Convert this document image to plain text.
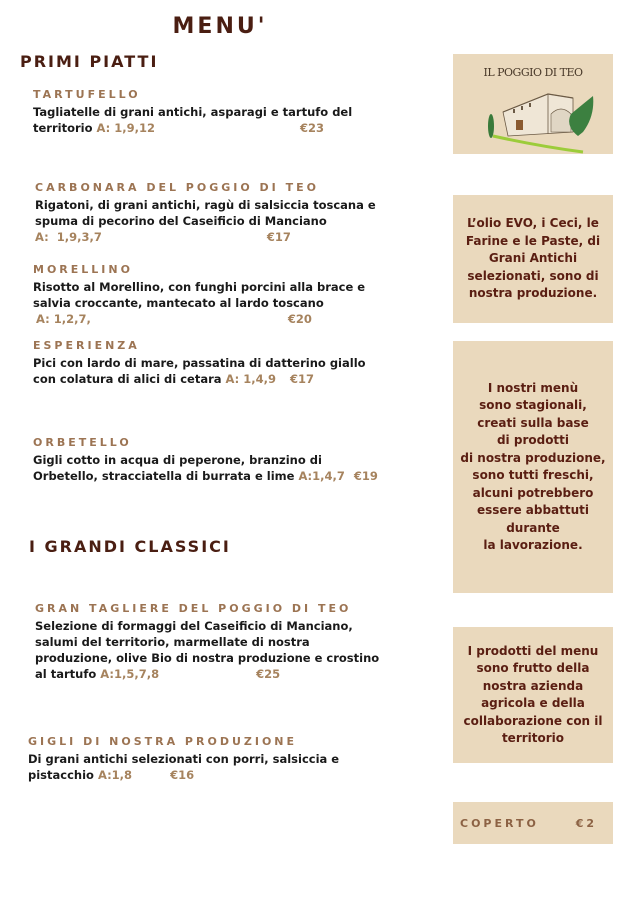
MENU'
PRIMI PIATTI
TARTUFELLO
Tagliatelle di grani antichi, asparagi e tartufo del
territorio
A: 1,9,12	€23
CARBONARA DEL POGGIO DI TEO
Rigatoni, di grani antichi, ragù di salsiccia toscana e
spuma di pecorino del Caseificio di Manciano
A:  1,9,3,7	€17
MORELLINO
Risotto al Morellino, con funghi porcini alla brace e
salvia croccante, mantecato al lardo toscano
A: 1,2,7,	€20
ESPERIENZA
Pici con lardo di mare, passatina di datterino giallo
con colatura di alici di cetara
A: 1,4,9 €17
ORBETELLO
Gigli cotto in acqua di peperone, branzino di
Orbetello, stracciatella di burrata e lime
A:1,4,7 €19
I GRANDI CLASSICI
GRAN TAGLIERE DEL POGGIO DI TEO
Selezione di formaggi del Caseificio di Manciano,
salumi del territorio, marmellate di nostra
produzione, olive Bio di nostra produzione e crostino
al tartufo
A:1,5,7,8	€25
GIGLI DI NOSTRA PRODUZIONE
Di grani antichi selezionati con porri, salsiccia e
pistacchio
A:1,8	€16
IL POGGIO DI TEO
L’olio EVO, i Ceci, le
Farine e le Paste, di
Grani Antichi
selezionati, sono di
nostra produzione.
I nostri menù
sono stagionali,
creati sulla base
di prodotti
di nostra produzione,
sono tutti freschi,
alcuni potrebbero
essere abbattuti
durante
la lavorazione.
I prodotti del menu
sono frutto della
nostra azienda
agricola e della
collaborazione con il
territorio
COPERTO	€2
